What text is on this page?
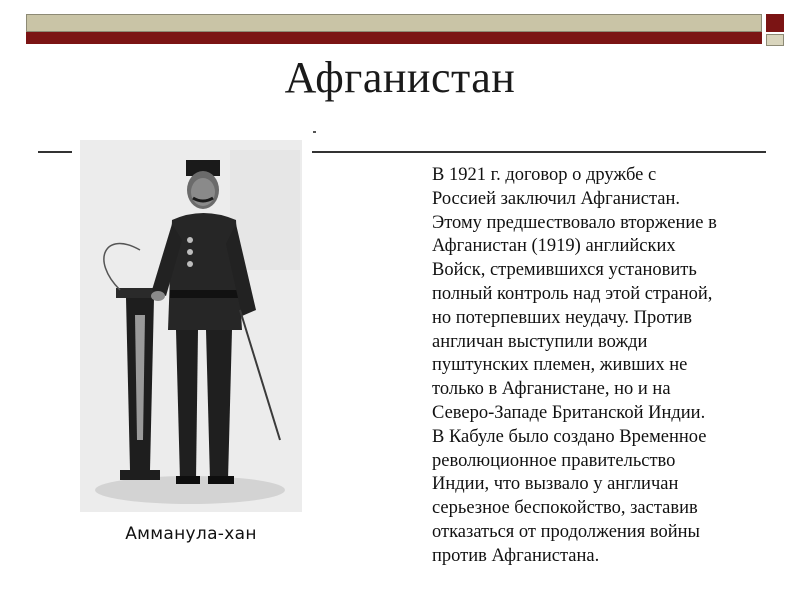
Афганистан
Амманула-хан
В 1921 г. договор о дружбе с
Россией заключил Афганистан.
Этому предшествовало вторжение в
Афганистан (1919) английских
Войск, стремившихся установить
полный контроль над этой страной,
но потерпевших неудачу. Против
англичан выступили вожди
пуштунских племен, живших не
только в Афганистане, но и на
Северо-Западе Британской Индии.
В Кабуле было создано Временное
революционное правительство
Индии, что вызвало у англичан
серьезное беспокойство, заставив
отказаться от продолжения войны
против Афганистана.
